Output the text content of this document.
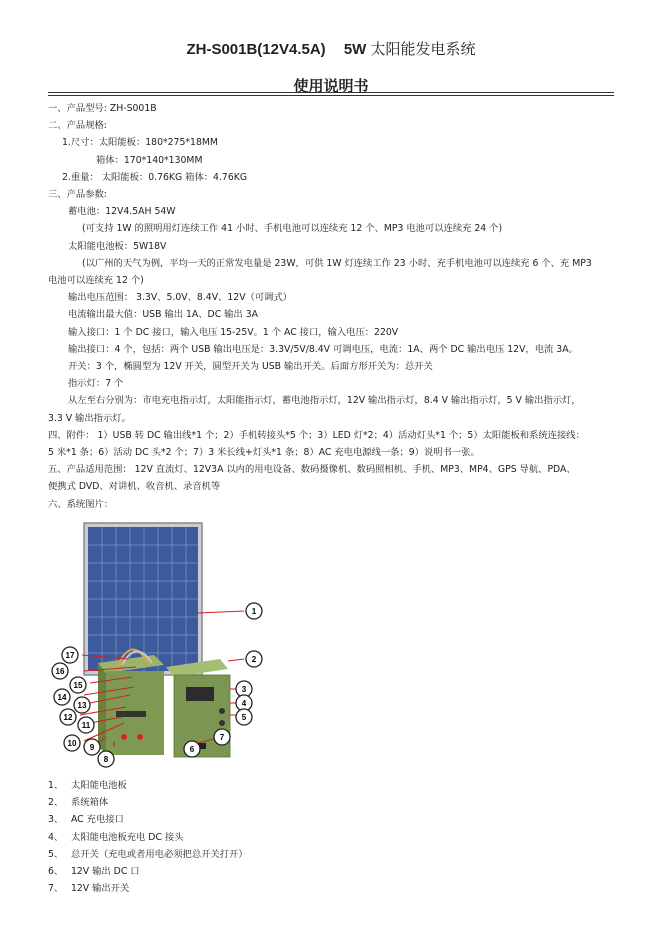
ZH-S001B(12V4.5A) 5W 太阳能发电系统
使用说明书
一、产品型号: ZH-S001B
二、产品规格:
1.尺寸：太阳能板：180*275*18MM
箱体：170*140*130MM
2.重量： 太阳能板：0.76KG 箱体：4.76KG
三、产品参数:
蓄电池：12V4.5AH 54W
(可支持 1W 的照明用灯连续工作 41 小时、手机电池可以连续充 12 个、MP3 电池可以连续充 24 个)
太阳能电池板：5W18V
(以广州的天气为例，平均一天的正常发电量是 23W，可供 1W 灯连续工作 23 小时、充手机电池可以连续充 6 个、充 MP3
电池可以连续充 12 个)
输出电压范围： 3.3V、5.0V、8.4V、12V（可调式）
电流输出最大值：USB 输出 1A、DC 输出 3A
输入接口：1 个 DC 接口，输入电压 15-25V。1 个 AC 接口，输入电压：220V
输出接口：4 个，包括：两个 USB 输出电压是：3.3V/5V/8.4V 可调电压，电流：1A、两个 DC 输出电压 12V，电流 3A。
开关：3 个，椭圆型为 12V 开关，圆型开关为 USB 输出开关。后面方形开关为：总开关
指示灯：7 个
从左至右分别为：市电充电指示灯，太阳能指示灯，蓄电池指示灯，12V 输出指示灯，8.4 V 输出指示灯，5 V 输出指示灯，
3.3 V 输出指示灯。
四、附件： 1）USB 转 DC 输出线*1 个；2）手机转接头*5 个；3）LED 灯*2；4）活动灯头*1 个；5）太阳能板和系统连接线：
5 米*1 条；6）活动 DC 头*2 个；7）3 米长线+灯头*1 条；8）AC 充电电源线一条；9）说明书一张。
五、产品适用范围： 12V 直流灯、12V3A 以内的用电设备、数码摄像机、数码照相机、手机、MP3、MP4、GPS 导航、PDA、
便携式 DVD、对讲机、收音机、录音机等
六、系统图片：
1
2
3
4
5
6
7
8
9
10
11
12
13
14
15
16
17
1、 太阳能电池板
2、 系统箱体
3、 AC 充电接口
4、 太阳能电池板充电 DC 接头
5、 总开关（充电或者用电必须把总开关打开）
6、 12V 输出 DC 口
7、 12V 输出开关
